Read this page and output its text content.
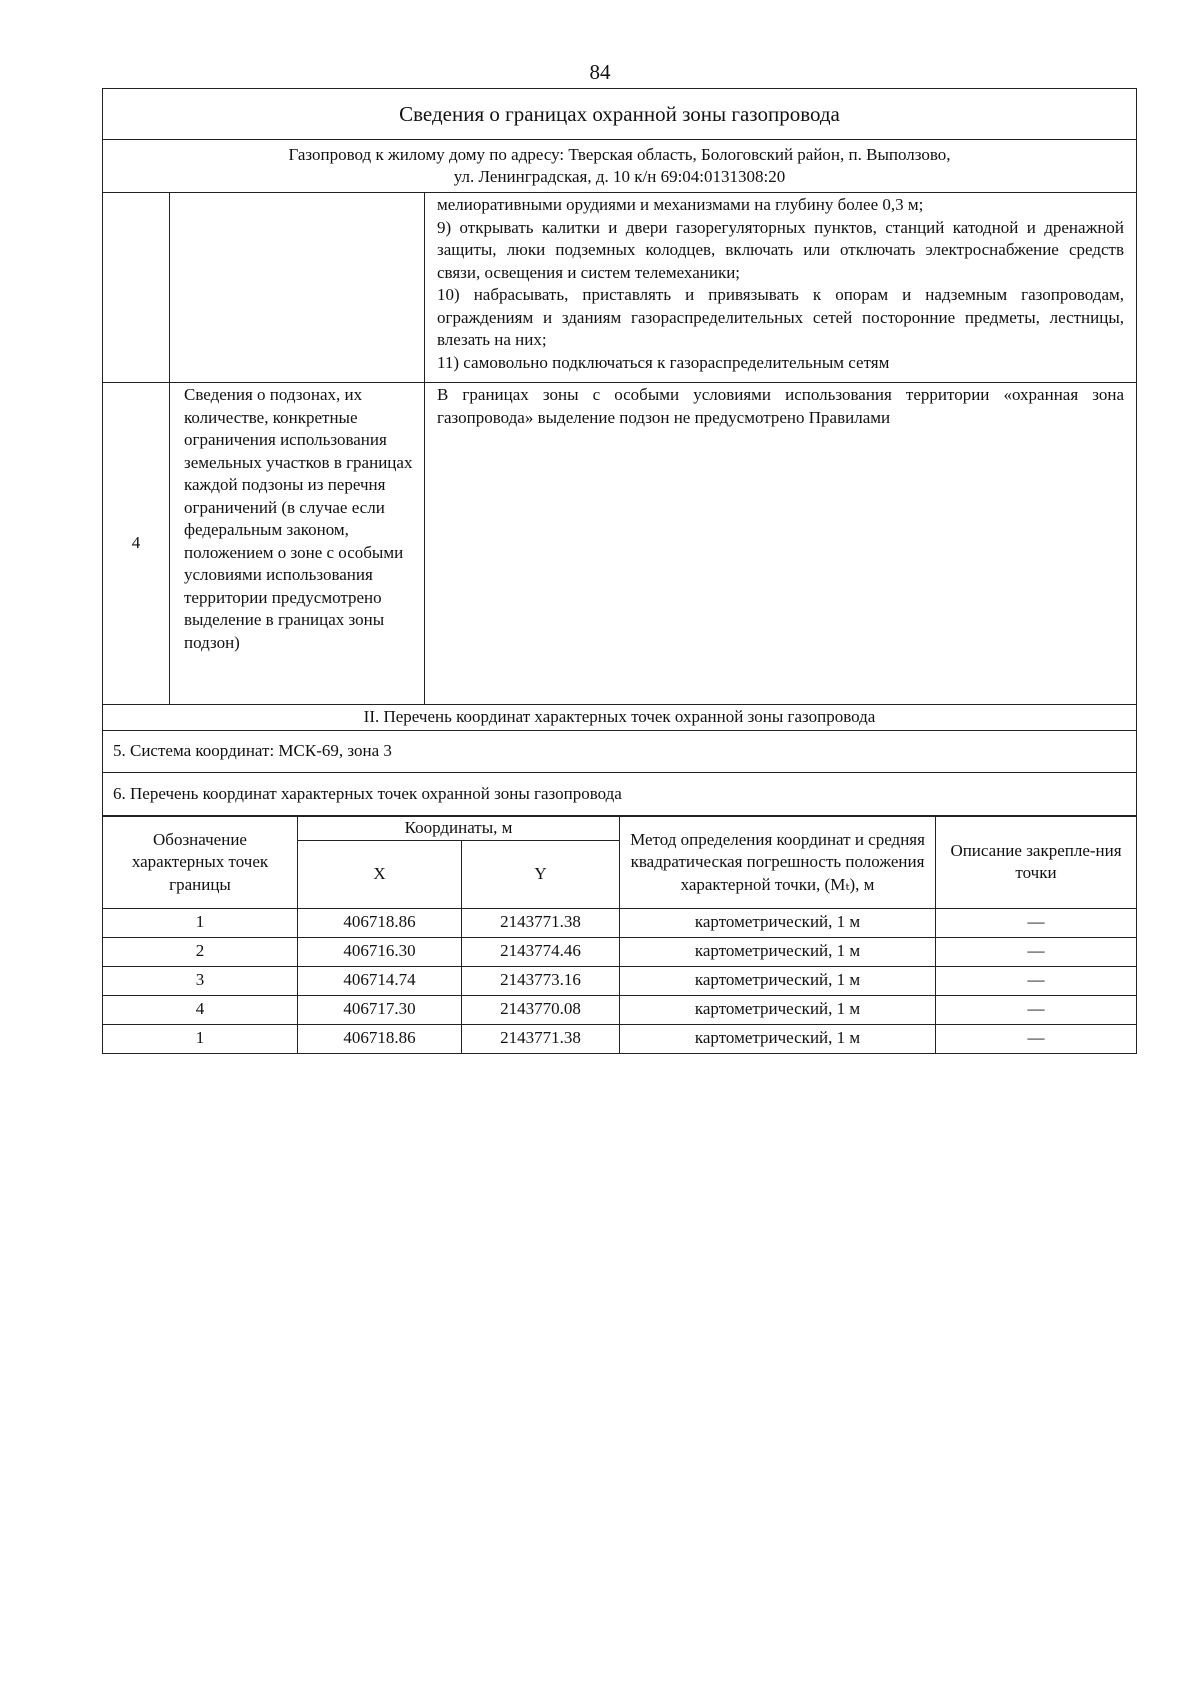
84
Сведения о границах охранной зоны газопровода		

Газопровод к жилому дому по адресу: Тверская область, Бологовский район, п. Выползово,
ул. Ленинградская, д. 10 к/н 69:04:0131308:20		

		мелиоративными орудиями и механизмами на глубину более 0,3 м;
9) открывать калитки и двери газорегуляторных пунктов, станций катодной и дренажной защиты, люки подземных колодцев, включать или отключать электроснабжение средств связи, освещения и систем телемеханики;
10) набрасывать, приставлять и привязывать к опорам и надземным газопроводам, ограждениям и зданиям газораспределительных сетей посторонние предметы, лестницы, влезать на них;
11) самовольно подключаться к газораспределительным сетям

4	Сведения о подзонах, их количестве, конкретные ограничения использования земельных участков в границах каждой подзоны из перечня ограничений (в случае если федеральным законом, положением о зоне с особыми условиями использования территории предусмотрено выделение в границах зоны подзон)	В границах зоны с особыми условиями использования территории «охранная зона газопровода» выделение подзон не предусмотрено Правилами
II. Перечень координат характерных точек охранной зоны газопровода		
5. Система координат: МСК-69, зона 3		
6. Перечень координат характерных точек охранной зоны газопровода		
Обозначение характерных точек границы	Координаты, м		Метод определения координат и средняя квадратическая погрешность положения характерной точки, (Mₜ), м	Описание закрепле-ния точки
	X	Y		
1	406718.86	2143771.38	картометрический, 1 м	—
2	406716.30	2143774.46	картометрический, 1 м	—
3	406714.74	2143773.16	картометрический, 1 м	—
4	406717.30	2143770.08	картометрический, 1 м	—
1	406718.86	2143771.38	картометрический, 1 м	—
